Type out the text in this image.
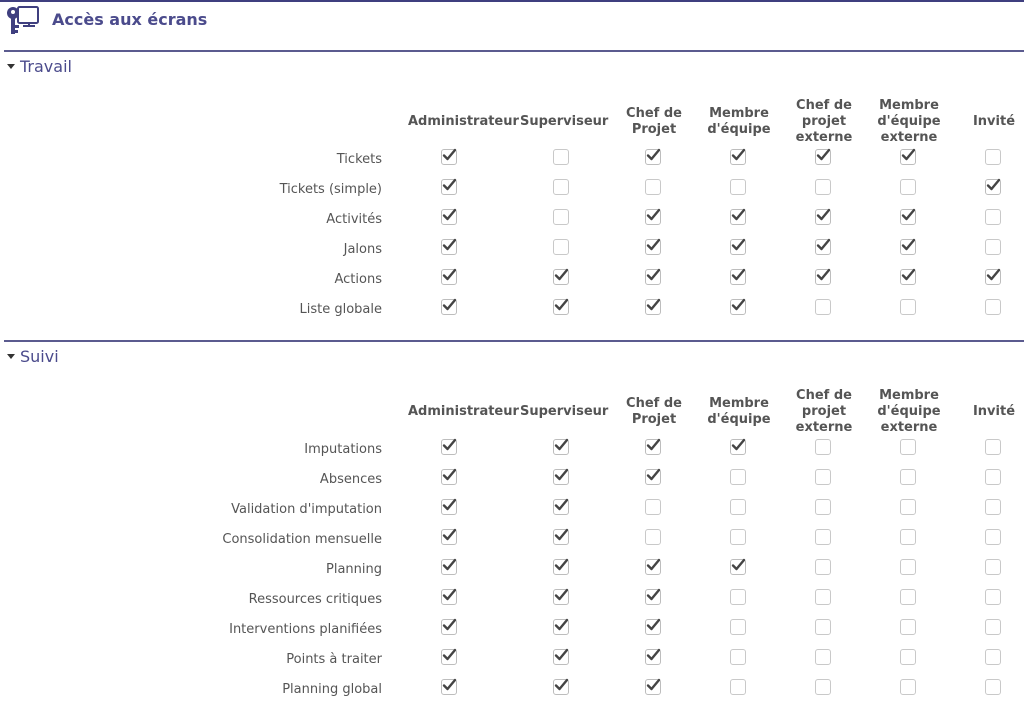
Accès aux écrans
Travail
Administrateur Superviseur
Chef de Projet
Membre d'équipe
Chef de projet externe
Membre d'équipe externe
Invité
Tickets
Tickets (simple)
Activités
Jalons
Actions
Liste globale
Suivi
Administrateur Superviseur
Chef de Projet
Membre d'équipe
Chef de projet externe
Membre d'équipe externe
Invité
Imputations
Absences
Validation d'imputation
Consolidation mensuelle
Planning
Ressources critiques
Interventions planifiées
Points à traiter
Planning global
